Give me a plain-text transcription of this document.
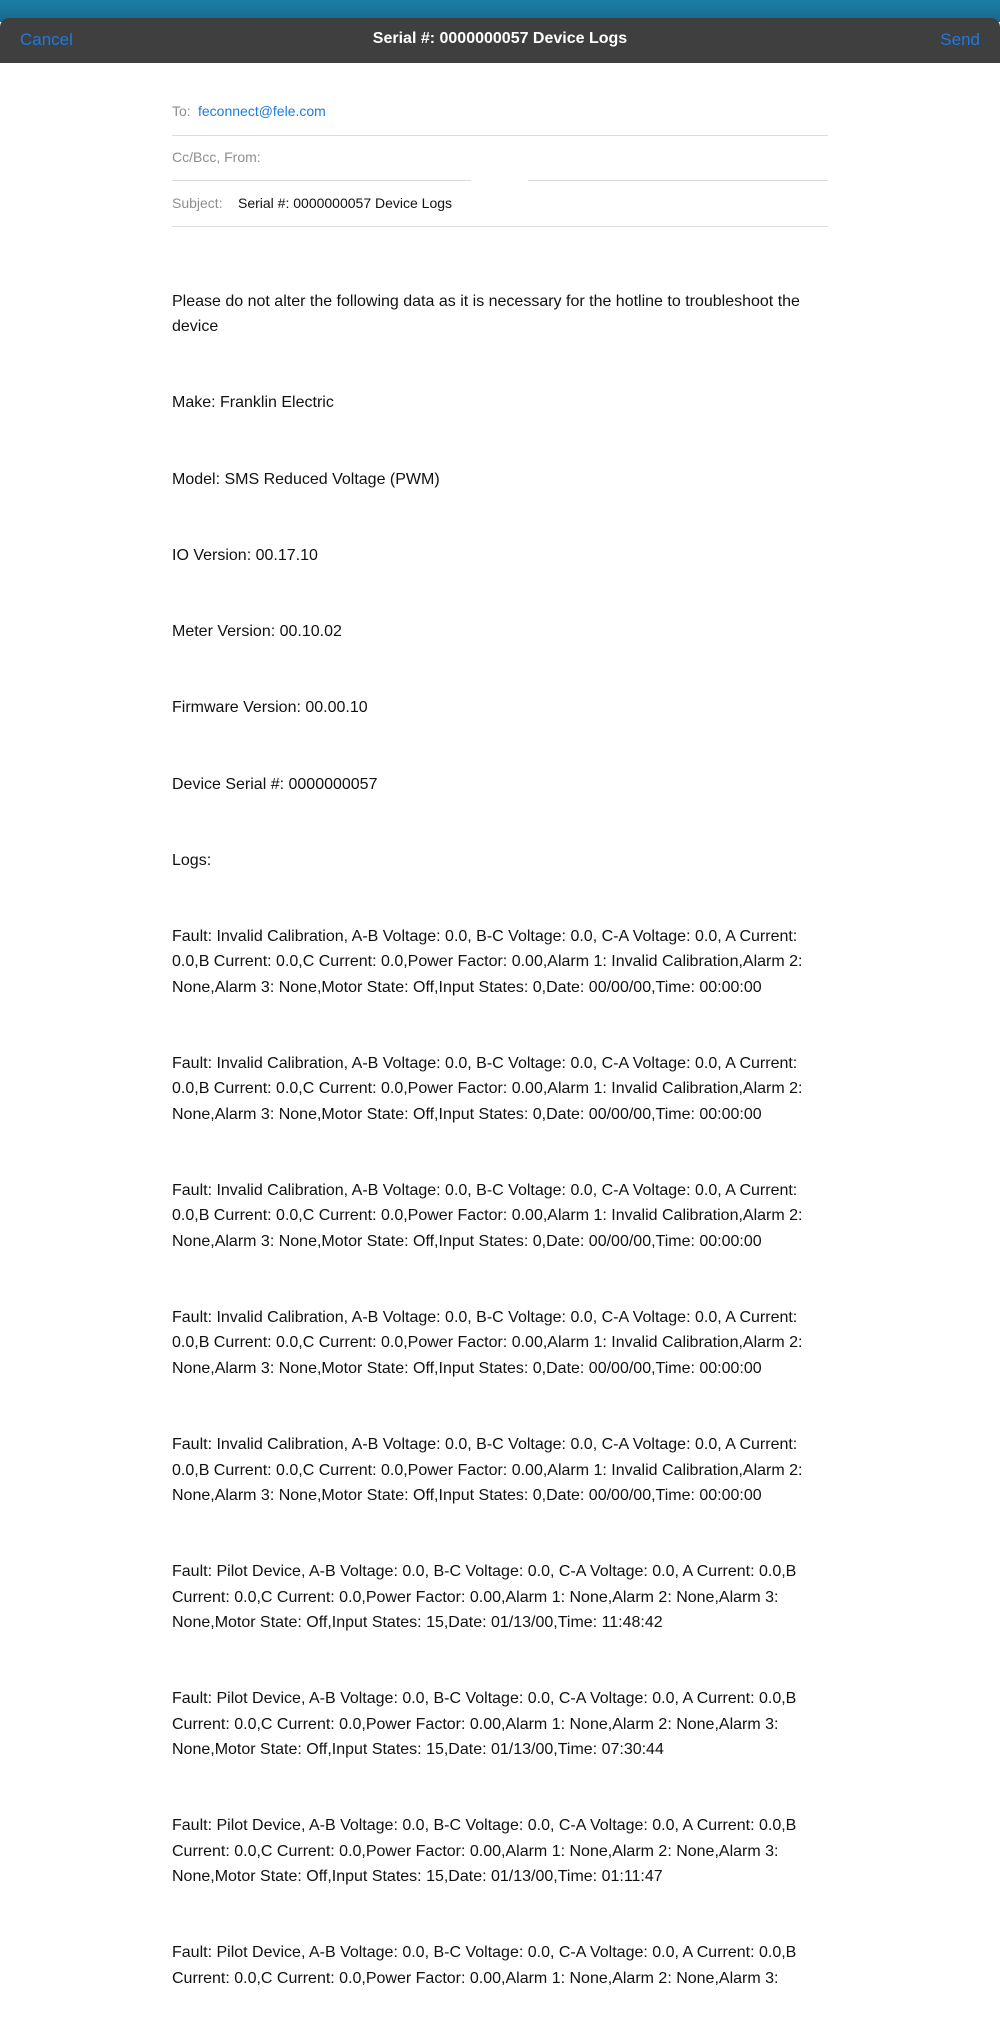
Cancel	Serial #: 0000000057 Device Logs	Send
To: feconnect@fele.com
Cc/Bcc, From:
Subject: Serial #: 0000000057 Device Logs

Please do not alter the following data as it is necessary for the hotline to troubleshoot the device

Make: Franklin Electric

Model: SMS Reduced Voltage (PWM)

IO Version: 00.17.10

Meter Version: 00.10.02

Firmware Version: 00.00.10

Device Serial #: 0000000057

Logs:

Fault: Invalid Calibration, A-B Voltage: 0.0, B-C Voltage: 0.0, C-A Voltage: 0.0, A Current: 0.0,B Current: 0.0,C Current: 0.0,Power Factor: 0.00,Alarm 1: Invalid Calibration,Alarm 2: None,Alarm 3: None,Motor State: Off,Input States: 0,Date: 00/00/00,Time: 00:00:00

Fault: Invalid Calibration, A-B Voltage: 0.0, B-C Voltage: 0.0, C-A Voltage: 0.0, A Current: 0.0,B Current: 0.0,C Current: 0.0,Power Factor: 0.00,Alarm 1: Invalid Calibration,Alarm 2: None,Alarm 3: None,Motor State: Off,Input States: 0,Date: 00/00/00,Time: 00:00:00

Fault: Invalid Calibration, A-B Voltage: 0.0, B-C Voltage: 0.0, C-A Voltage: 0.0, A Current: 0.0,B Current: 0.0,C Current: 0.0,Power Factor: 0.00,Alarm 1: Invalid Calibration,Alarm 2: None,Alarm 3: None,Motor State: Off,Input States: 0,Date: 00/00/00,Time: 00:00:00

Fault: Invalid Calibration, A-B Voltage: 0.0, B-C Voltage: 0.0, C-A Voltage: 0.0, A Current: 0.0,B Current: 0.0,C Current: 0.0,Power Factor: 0.00,Alarm 1: Invalid Calibration,Alarm 2: None,Alarm 3: None,Motor State: Off,Input States: 0,Date: 00/00/00,Time: 00:00:00

Fault: Invalid Calibration, A-B Voltage: 0.0, B-C Voltage: 0.0, C-A Voltage: 0.0, A Current: 0.0,B Current: 0.0,C Current: 0.0,Power Factor: 0.00,Alarm 1: Invalid Calibration,Alarm 2: None,Alarm 3: None,Motor State: Off,Input States: 0,Date: 00/00/00,Time: 00:00:00

Fault: Pilot Device, A-B Voltage: 0.0, B-C Voltage: 0.0, C-A Voltage: 0.0, A Current: 0.0,B Current: 0.0,C Current: 0.0,Power Factor: 0.00,Alarm 1: None,Alarm 2: None,Alarm 3: None,Motor State: Off,Input States: 15,Date: 01/13/00,Time: 11:48:42

Fault: Pilot Device, A-B Voltage: 0.0, B-C Voltage: 0.0, C-A Voltage: 0.0, A Current: 0.0,B Current: 0.0,C Current: 0.0,Power Factor: 0.00,Alarm 1: None,Alarm 2: None,Alarm 3: None,Motor State: Off,Input States: 15,Date: 01/13/00,Time: 07:30:44

Fault: Pilot Device, A-B Voltage: 0.0, B-C Voltage: 0.0, C-A Voltage: 0.0, A Current: 0.0,B Current: 0.0,C Current: 0.0,Power Factor: 0.00,Alarm 1: None,Alarm 2: None,Alarm 3: None,Motor State: Off,Input States: 15,Date: 01/13/00,Time: 01:11:47

Fault: Pilot Device, A-B Voltage: 0.0, B-C Voltage: 0.0, C-A Voltage: 0.0, A Current: 0.0,B Current: 0.0,C Current: 0.0,Power Factor: 0.00,Alarm 1: None,Alarm 2: None,Alarm 3:
